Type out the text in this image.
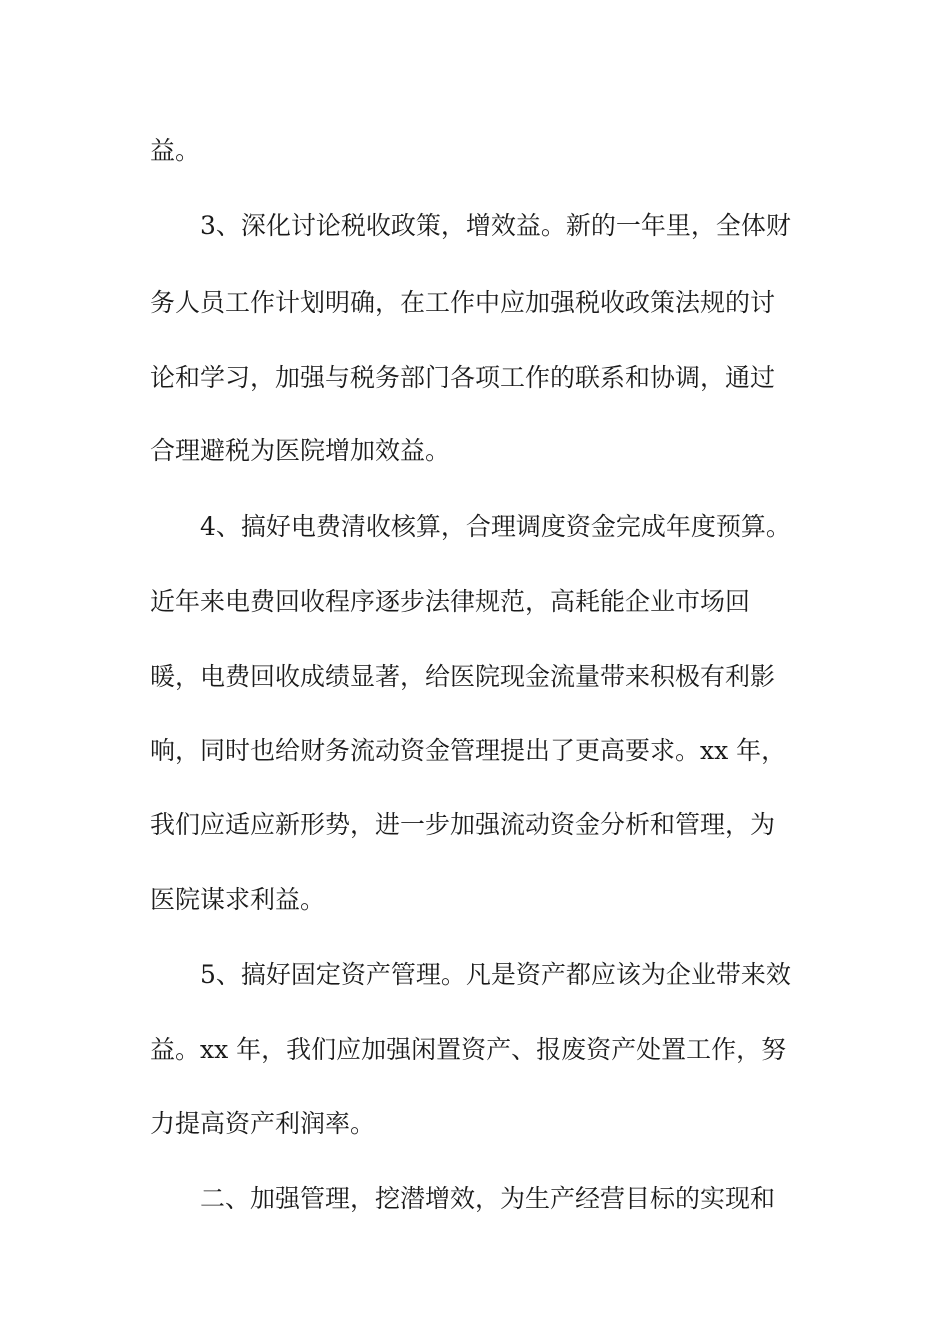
益。
3、深化讨论税收政策，增效益。新的一年里，全体财
务人员工作计划明确，在工作中应加强税收政策法规的讨
论和学习，加强与税务部门各项工作的联系和协调，通过
合理避税为医院增加效益。
4、搞好电费清收核算，合理调度资金完成年度预算。
近年来电费回收程序逐步法律规范，高耗能企业市场回
暖，电费回收成绩显著，给医院现金流量带来积极有利影
响，同时也给财务流动资金管理提出了更高要求。xx 年，
我们应适应新形势，进一步加强流动资金分析和管理，为
医院谋求利益。
5、搞好固定资产管理。凡是资产都应该为企业带来效
益。xx 年，我们应加强闲置资产、报废资产处置工作，努
力提高资产利润率。
二、加强管理，挖潜增效，为生产经营目标的实现和
